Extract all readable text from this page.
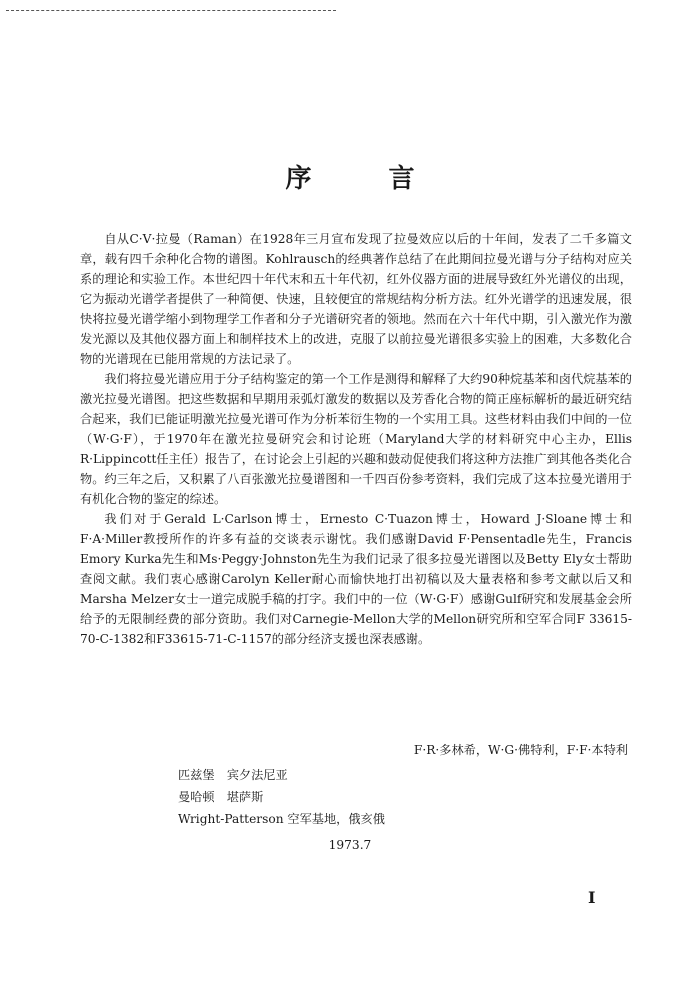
序 言

自从C·V·拉曼（Raman）在1928年三月宣布发现了拉曼效应以后的十年间，发表了二千多篇文章，载有四千余种化合物的谱图。Kohlrausch的经典著作总结了在此期间拉曼光谱与分子结构对应关系的理论和实验工作。本世纪四十年代末和五十年代初，红外仪器方面的进展导致红外光谱仪的出现，它为振动光谱学者提供了一种简便、快速，且较便宜的常规结构分析方法。红外光谱学的迅速发展，很快将拉曼光谱学缩小到物理学工作者和分子光谱研究者的领地。然而在六十年代中期，引入激光作为激发光源以及其他仪器方面上和制样技术上的改进，克服了以前拉曼光谱很多实验上的困难，大多数化合物的光谱现在已能用常规的方法记录了。

我们将拉曼光谱应用于分子结构鉴定的第一个工作是测得和解释了大约90种烷基苯和卤代烷基苯的激光拉曼光谱图。把这些数据和早期用汞弧灯激发的数据以及芳香化合物的简正座标解析的最近研究结合起来，我们已能证明激光拉曼光谱可作为分析苯衍生物的一个实用工具。这些材料由我们中间的一位（W·G·F），于1970年在激光拉曼研究会和讨论班（Maryland大学的材料研究中心主办，Ellis R·Lippincott任主任）报告了，在讨论会上引起的兴趣和鼓动促使我们将这种方法推广到其他各类化合物。约三年之后，又积累了八百张激光拉曼谱图和一千四百份参考资料，我们完成了这本拉曼光谱用于有机化合物的鉴定的综述。

我们对于Gerald L·Carlson博士，Ernesto C·Tuazon博士，Howard J·Sloane博士和F·A·Miller教授所作的许多有益的交谈表示谢忱。我们感谢David F·Pensentadle先生，Francis Emory Kurka先生和Ms·Peggy·Johnston先生为我们记录了很多拉曼光谱图以及Betty Ely女士帮助查阅文献。我们衷心感谢Carolyn Keller耐心而愉快地打出初稿以及大量表格和参考文献以后又和Marsha Melzer女士一道完成脱手稿的打字。我们中的一位（W·G·F）感谢Gulf研究和发展基金会所给予的无限制经费的部分资助。我们对Carnegie-Mellon大学的Mellon研究所和空军合同F 33615-70-C-1382和F33615-71-C-1157的部分经济支援也深表感谢。

F·R·多林希，W·G·佛特利，F·F·本特利
匹兹堡　宾夕法尼亚
曼哈顿　堪萨斯
Wright-Patterson 空军基地，俄亥俄
1973.7
I
